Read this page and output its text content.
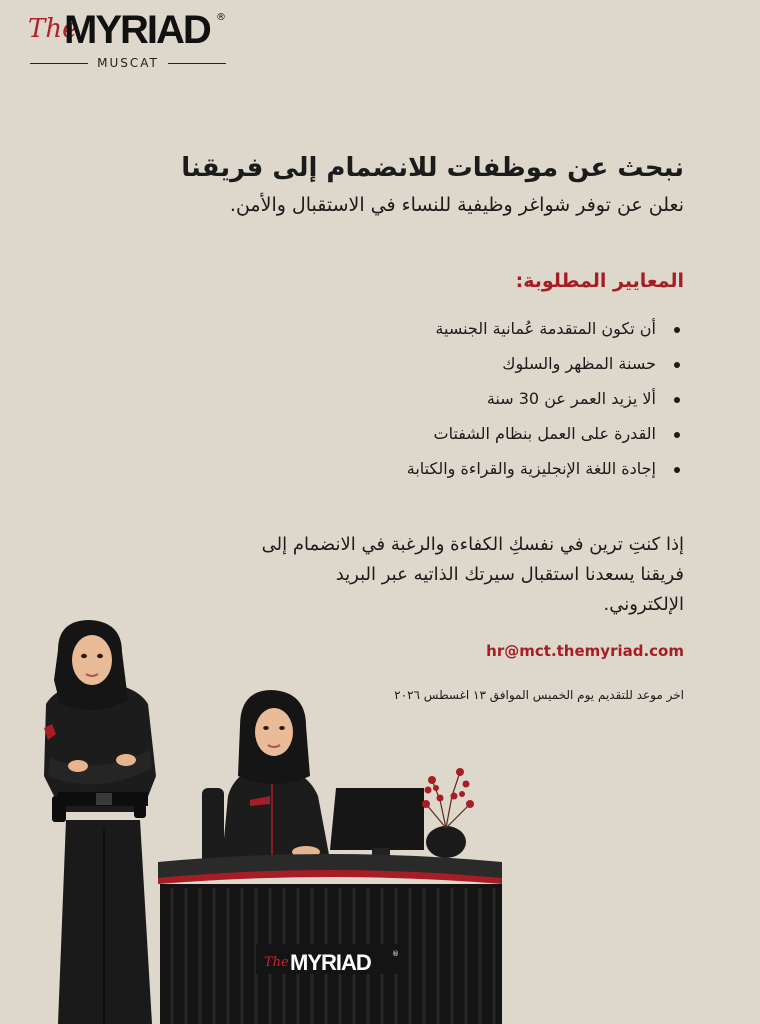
The
MYRIAD ®
MUSCAT
نبحث عن موظفات للانضمام إلى فريقنا

نعلن عن توفر شواغر وظيفية للنساء في الاستقبال والأمن.

المعايير المطلوبة:

أن تكون المتقدمة عُمانية الجنسية
حسنة المظهر والسلوك
ألا يزيد العمر عن 30 سنة
القدرة على العمل بنظام الشفتات
إجادة اللغة الإنجليزية والقراءة والكتابة

إذا كنتِ ترين في نفسكِ الكفاءة والرغبة في الانضمام إلى فريقنا يسعدنا استقبال سيرتك الذاتيه عبر البريد الإلكتروني.

hr@mct.themyriad.com

اخر موعد للتقديم يوم الخميس الموافق ١٣ اغسطس ٢٠٢٦

The MYRIAD	®
